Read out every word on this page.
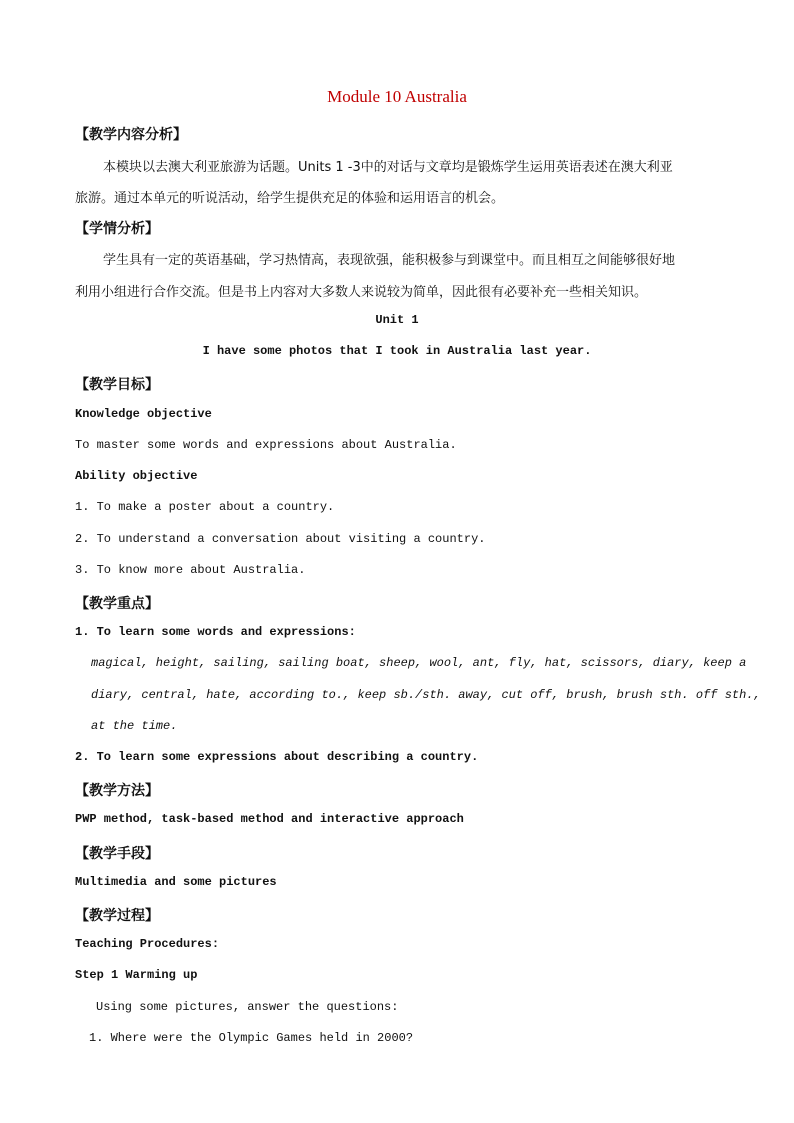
Module 10 Australia
【教学内容分析】
本模块以去澳大利亚旅游为话题。Units 1 -3中的对话与文章均是锻炼学生运用英语表述在澳大利亚
旅游。通过本单元的听说活动，给学生提供充足的体验和运用语言的机会。
【学情分析】
学生具有一定的英语基础，学习热情高，表现欲强，能积极参与到课堂中。而且相互之间能够很好地
利用小组进行合作交流。但是书上内容对大多数人来说较为简单，因此很有必要补充一些相关知识。
Unit 1
I have some photos that I took in Australia last year.
【教学目标】
Knowledge objective
To master some words and expressions about Australia.
Ability objective
1. To make a poster about a country.
2. To understand a conversation about visiting a country.
3. To know more about Australia.
【教学重点】
1. To learn some words and expressions:
magical, height, sailing, sailing boat, sheep, wool, ant, fly, hat, scissors, diary, keep a
diary, central, hate, according to., keep sb./sth. away, cut off, brush, brush sth. off sth.,
at the time.
2. To learn some expressions about describing a country.
【教学方法】
PWP method, task-based method and interactive approach
【教学手段】
Multimedia and some pictures
【教学过程】
Teaching Procedures:
Step 1 Warming up
Using some pictures, answer the questions:
1. Where were the Olympic Games held in 2000?
